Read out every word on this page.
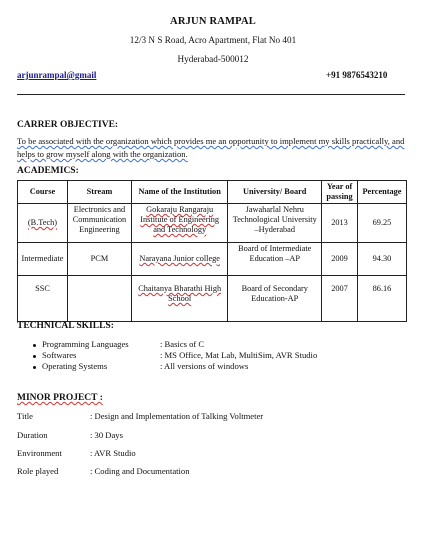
ARJUN RAMPAL
12/3 N S Road, Acro Apartment, Flat No 401
Hyderabad-500012
arjunrampal@gmail	+91 9876543210
CARRER OBJECTIVE:
To be associated with the organization which provides me an opportunity to implement my skills practically, and helps to grow myself along with the organization.
ACADEMICS:
Course	Stream	Name of the Institution	University/ Board	Year of passing	Percentage
(B.Tech)	Electronics and Communication Engineering	Gokaraju Rangaraju Institute of Engineering and Technology	Jawaharlal Nehru Technological University –Hyderabad	2013	69.25
Intermediate	PCM	Narayana Junior college	Board of Intermediate Education –AP	2009	94.30
SSC		Chaitanya Bharathi High School	Board of Secondary Education-AP	2007	86.16
TECHNICAL SKILLS:
Programming Languages	: Basics of C
Softwares	: MS Office, Mat Lab, MultiSim, AVR Studio
Operating Systems	: All versions of windows
MINOR PROJECT :
Title	: Design and Implementation of Talking Voltmeter
Duration	: 30 Days
Environment	: AVR Studio
Role played	: Coding and Documentation
